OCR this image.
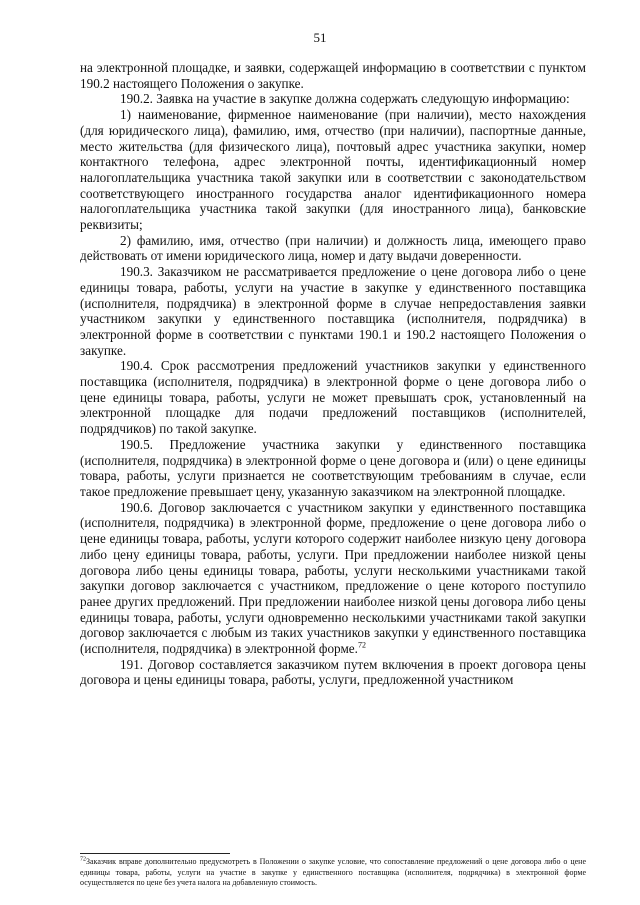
51

на электронной площадке, и заявки, содержащей информацию в соответствии с пунктом 190.2 настоящего Положения о закупке.

190.2. Заявка на участие в закупке должна содержать следующую информацию:

1) наименование, фирменное наименование (при наличии), место нахождения (для юридического лица), фамилию, имя, отчество (при наличии), паспортные данные, место жительства (для физического лица), почтовый адрес участника закупки, номер контактного телефона, адрес электронной почты, идентификационный номер налогоплательщика участника такой закупки или в соответствии с законодательством соответствующего иностранного государства аналог идентификационного номера налогоплательщика участника такой закупки (для иностранного лица), банковские реквизиты;

2) фамилию, имя, отчество (при наличии) и должность лица, имеющего право действовать от имени юридического лица, номер и дату выдачи доверенности.

190.3. Заказчиком не рассматривается предложение о цене договора либо о цене единицы товара, работы, услуги на участие в закупке у единственного поставщика (исполнителя, подрядчика) в электронной форме в случае непредоставления заявки участником закупки у единственного поставщика (исполнителя, подрядчика) в электронной форме в соответствии с пунктами 190.1 и 190.2 настоящего Положения о закупке.

190.4. Срок рассмотрения предложений участников закупки у единственного поставщика (исполнителя, подрядчика) в электронной форме о цене договора либо о цене единицы товара, работы, услуги не может превышать срок, установленный на электронной площадке для подачи предложений поставщиков (исполнителей, подрядчиков) по такой закупке.

190.5. Предложение участника закупки у единственного поставщика (исполнителя, подрядчика) в электронной форме о цене договора и (или) о цене единицы товара, работы, услуги признается не соответствующим требованиям в случае, если такое предложение превышает цену, указанную заказчиком на электронной площадке.

190.6. Договор заключается с участником закупки у единственного поставщика (исполнителя, подрядчика) в электронной форме, предложение о цене договора либо о цене единицы товара, работы, услуги которого содержит наиболее низкую цену договора либо цену единицы товара, работы, услуги. При предложении наиболее низкой цены договора либо цены единицы товара, работы, услуги несколькими участниками такой закупки договор заключается с участником, предложение о цене которого поступило ранее других предложений. При предложении наиболее низкой цены договора либо цены единицы товара, работы, услуги одновременно несколькими участниками такой закупки договор заключается с любым из таких участников закупки у единственного поставщика (исполнителя, подрядчика) в электронной форме.$^{72}$

191. Договор составляется заказчиком путем включения в проект договора цены договора и цены единицы товара, работы, услуги, предложенной участником

$^{72}$Заказчик вправе дополнительно предусмотреть в Положении о закупке условие, что сопоставление предложений о цене договора либо о цене единицы товара, работы, услуги на участие в закупке у единственного поставщика (исполнителя, подрядчика) в электронной форме осуществляется по цене без учета налога на добавленную стоимость.
